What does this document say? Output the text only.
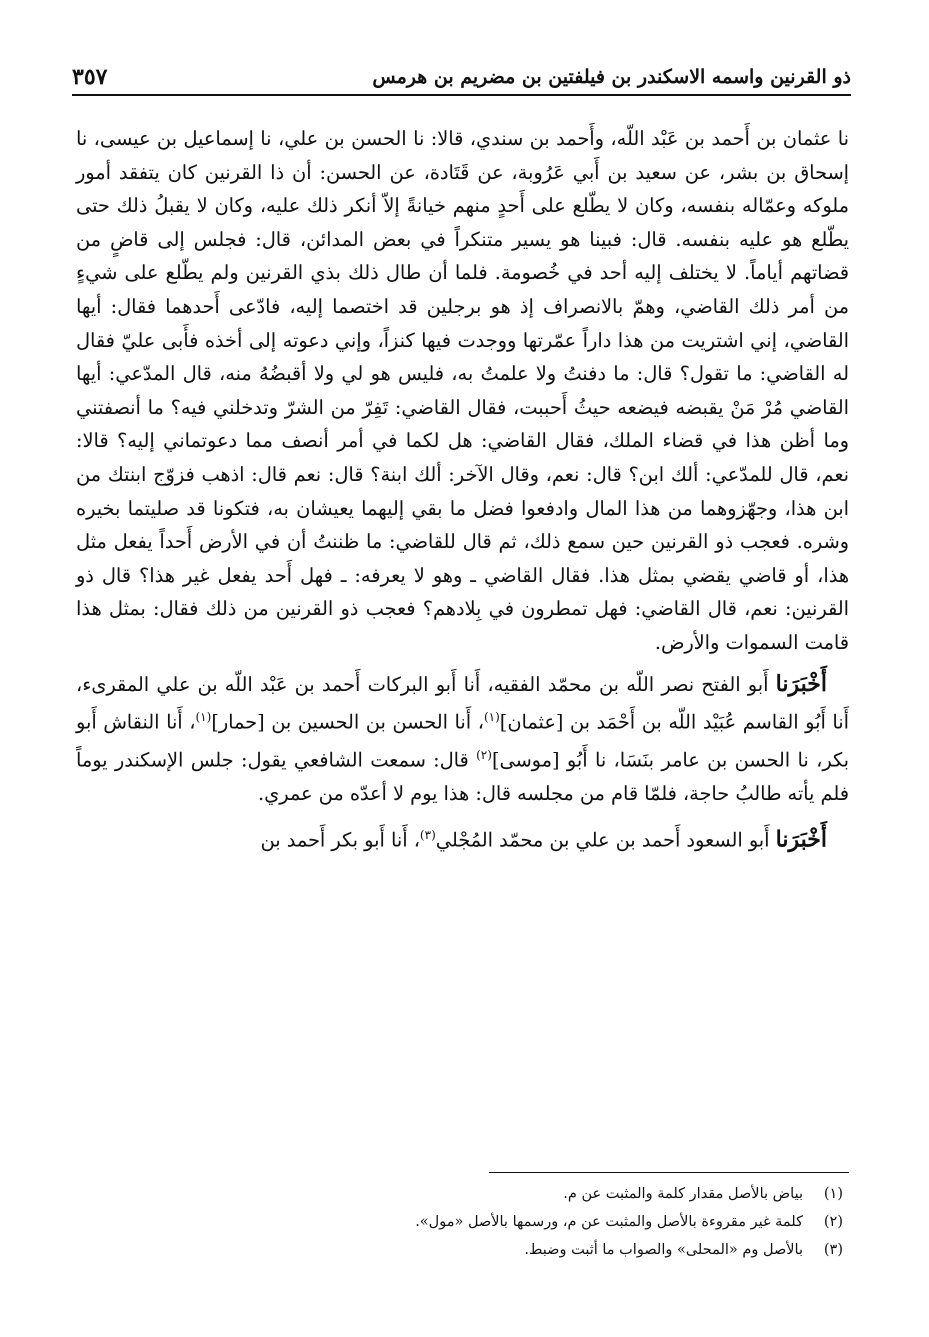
ذو القرنين واسمه الاسكندر بن فيلفتين بن مضريم بن هرمس
٣٥٧

نا عثمان بن أَحمد بن عَبْد اللّه، وأَحمد بن سندي، قالا: نا الحسن بن علي، نا إسماعيل بن عيسى، نا إسحاق بن بشر، عن سعيد بن أَبي عَرُوبة، عن قَتَادة، عن الحسن: أن ذا القرنين كان يتفقد أمور ملوكه وعمّاله بنفسه، وكان لا يطّلع على أَحدٍ منهم خيانةً إلاّ أنكر ذلك عليه، وكان لا يقبلُ ذلك حتى يطّلع هو عليه بنفسه. قال: فبينا هو يسير متنكراً في بعض المدائن، قال: فجلس إلى قاضٍ من قضاتهم أياماً. لا يختلف إليه أحد في خُصومة. فلما أن طال ذلك بذي القرنين ولم يطّلع على شيءٍ من أمر ذلك القاضي، وهمّ بالانصراف إذ هو برجلين قد اختصما إليه، فادّعى أَحدهما فقال: أيها القاضي، إني اشتريت من هذا داراً عمّرتها ووجدت فيها كنزاً، وإني دعوته إلى أخذه فأَبى عليّ فقال له القاضي: ما تقول؟ قال: ما دفنتُ ولا علمتُ به، فليس هو لي ولا أقبضُهُ منه، قال المدّعي: أيها القاضي مُرْ مَنْ يقبضه فيضعه حيثُ أَحببت، فقال القاضي: تَفِرّ من الشرّ وتدخلني فيه؟ ما أنصفتني وما أظن هذا في قضاء الملك، فقال القاضي: هل لكما في أمر أنصف مما دعوتماني إليه؟ قالا: نعم، قال للمدّعي: ألك ابن؟ قال: نعم، وقال الآخر: ألك ابنة؟ قال: نعم قال: اذهب فزوّج ابنتك من ابن هذا، وجهّزوهما من هذا المال وادفعوا فضل ما بقي إليهما يعيشان به، فتكونا قد صليتما بخيره وشره. فعجب ذو القرنين حين سمع ذلك، ثم قال للقاضي: ما ظننتُ أن في الأرض أَحداً يفعل مثل هذا، أو قاضي يقضي بمثل هذا. فقال القاضي ـ وهو لا يعرفه: ـ فهل أَحد يفعل غير هذا؟ قال ذو القرنين: نعم، قال القاضي: فهل تمطرون في بِلادهم؟ فعجب ذو القرنين من ذلك فقال: بمثل هذا قامت السموات والأرض.

أَخْبَرَنا أَبو الفتح نصر اللّه بن محمّد الفقيه، أَنا أَبو البركات أَحمد بن عَبْد اللّه بن علي المقرىء، أَنا أَبُو القاسم عُبَيْد اللّه بن أَحْمَد بن [عثمان]$^{(١)}$، أَنا الحسن بن الحسين بن [حمار]$^{(١)}$، أَنا النقاش أَبو بكر، نا الحسن بن عامر بنَسَا، نا أَبُو [موسى]$^{(٢)}$ قال: سمعت الشافعي يقول: جلس الإسكندر يوماً فلم يأته طالبُ حاجة، فلمّا قام من مجلسه قال: هذا يوم لا أعدّه من عمري.

أَخْبَرَنا أَبو السعود أَحمد بن علي بن محمّد المُجْلي$^{(٣)}$، أَنا أَبو بكر أَحمد بن

(١)
بياض بالأصل مقدار كلمة والمثبت عن م.
(٢)
كلمة غير مقروءة بالأصل والمثبت عن م، ورسمها بالأصل «مول».
(٣)
بالأصل وم «المحلى» والصواب ما أثبت وضبط.
